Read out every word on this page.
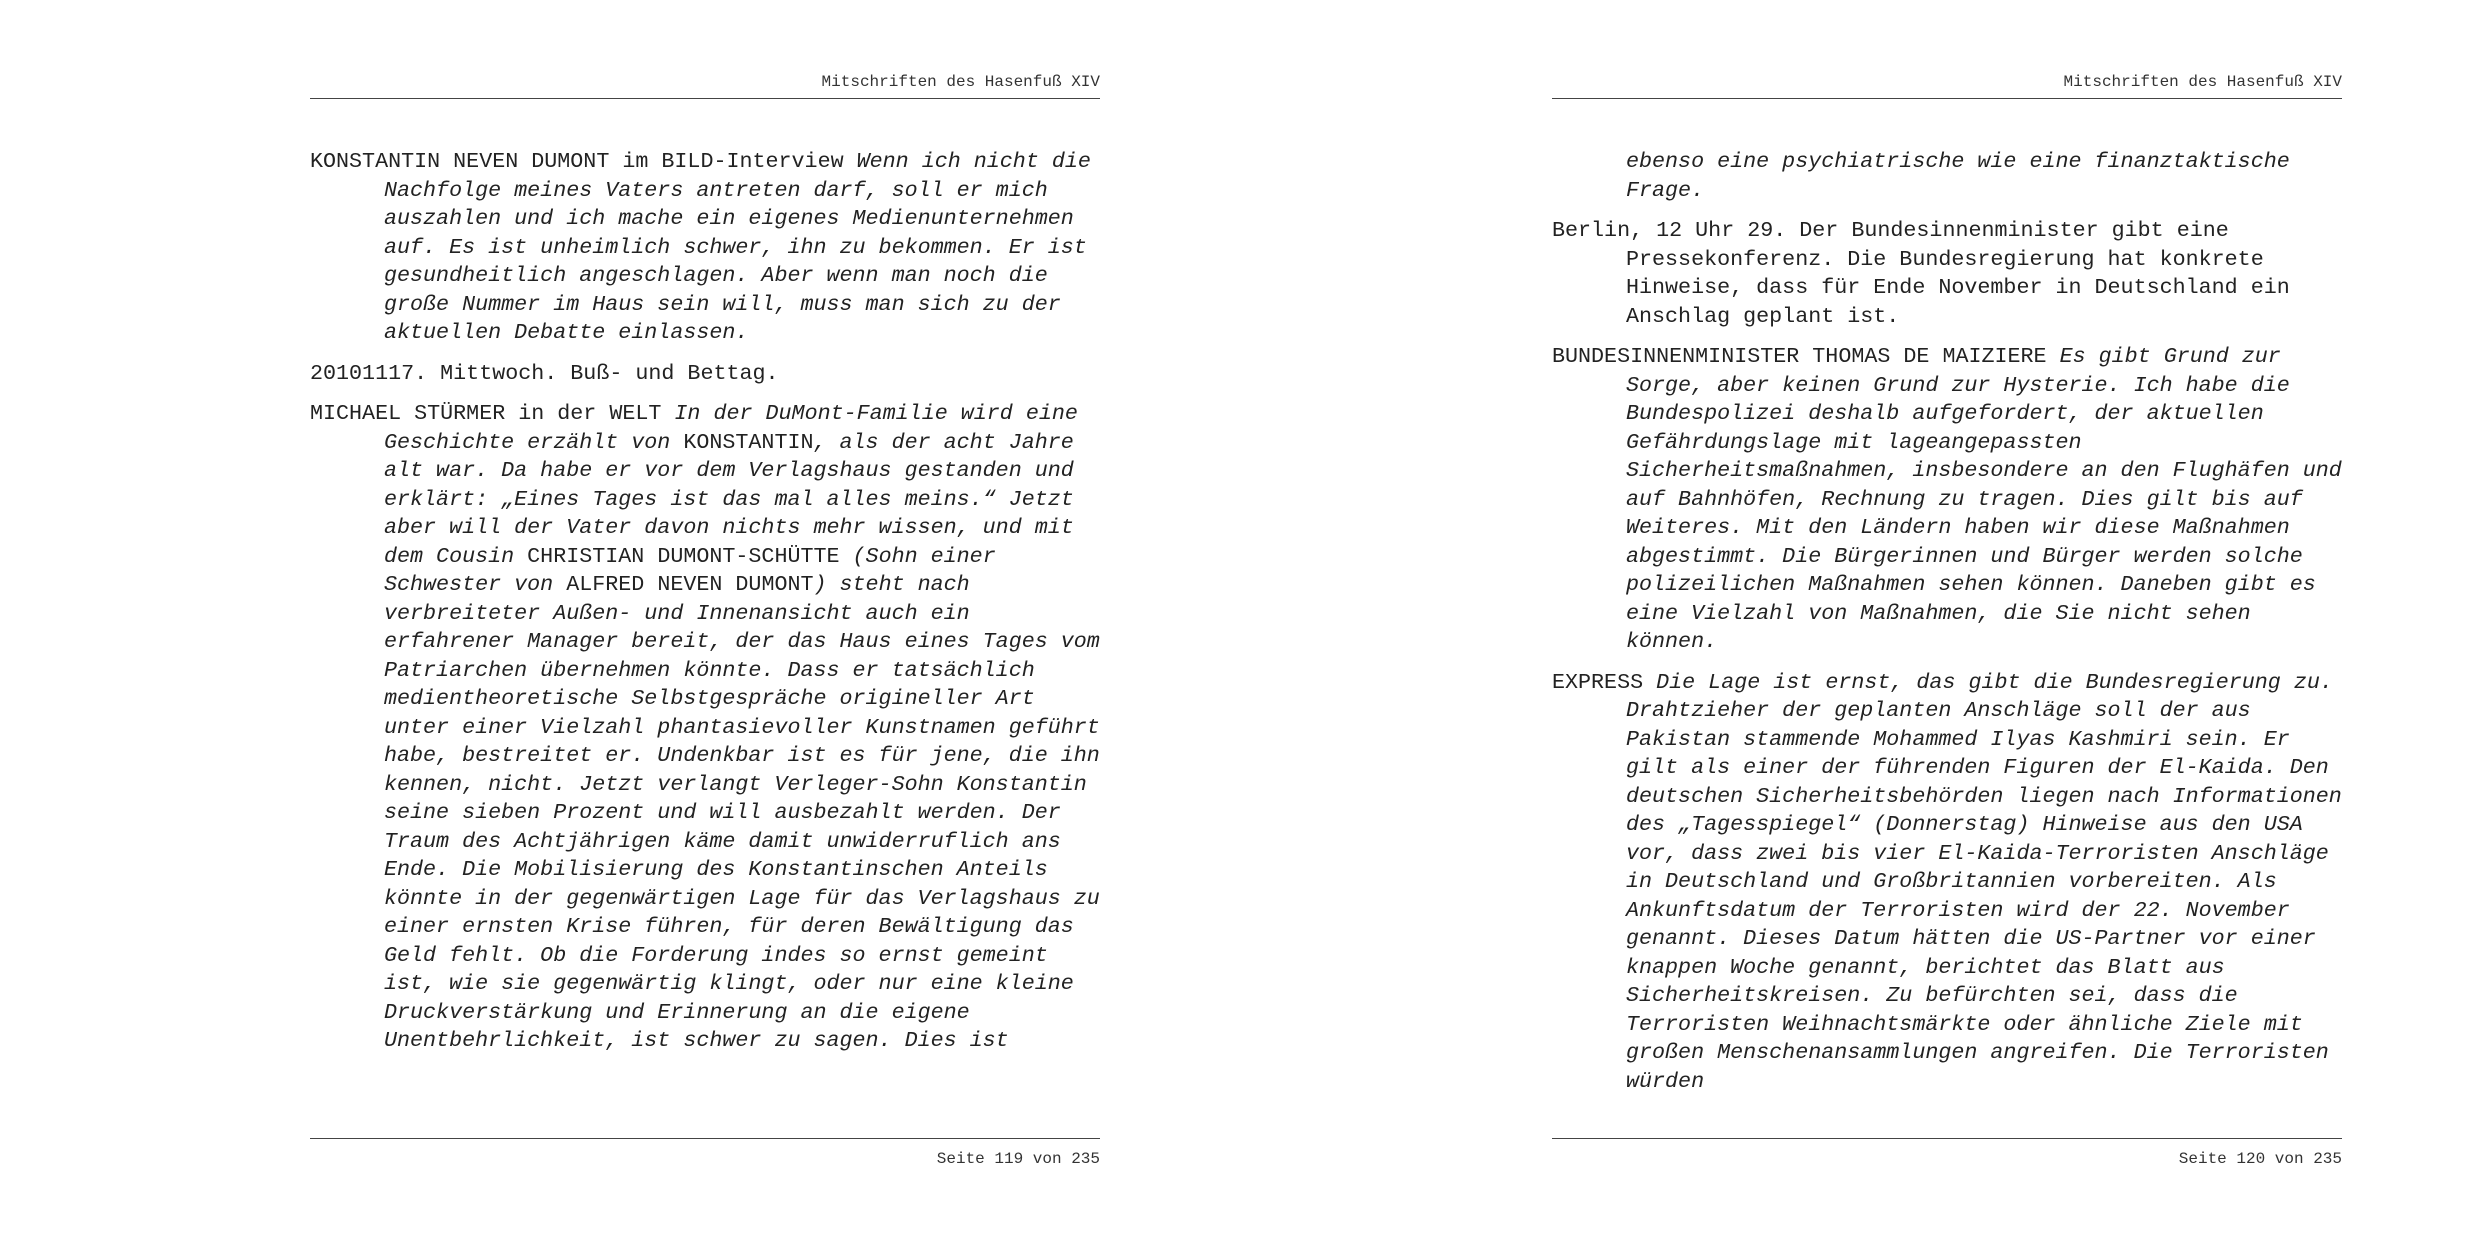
Mitschriften des Hasenfuß XIV

KONSTANTIN NEVEN DUMONT im BILD-Interview Wenn ich nicht die Nachfolge meines Vaters antreten darf, soll er mich auszahlen und ich mache ein eigenes Medienunternehmen auf. Es ist unheimlich schwer, ihn zu bekommen. Er ist gesundheitlich angeschlagen. Aber wenn man noch die große Nummer im Haus sein will, muss man sich zu der aktuellen Debatte einlassen.

20101117. Mittwoch. Buß- und Bettag.

MICHAEL STÜRMER in der WELT In der DuMont-Familie wird eine Geschichte erzählt von KONSTANTIN, als der acht Jahre alt war. Da habe er vor dem Verlagshaus gestanden und erklärt: „Eines Tages ist das mal alles meins.“ Jetzt aber will der Vater davon nichts mehr wissen, und mit dem Cousin CHRISTIAN DUMONT-SCHÜTTE (Sohn einer Schwester von ALFRED NEVEN DUMONT) steht nach verbreiteter Außen- und Innenansicht auch ein erfahrener Manager bereit, der das Haus eines Tages vom Patriarchen übernehmen könnte. Dass er tatsächlich medientheoretische Selbstgespräche origineller Art unter einer Vielzahl phantasievoller Kunstnamen geführt habe, bestreitet er. Undenkbar ist es für jene, die ihn kennen, nicht. Jetzt verlangt Verleger-Sohn Konstantin seine sieben Prozent und will ausbezahlt werden. Der Traum des Achtjährigen käme damit unwiderruflich ans Ende. Die Mobilisierung des Konstantinschen Anteils könnte in der gegenwärtigen Lage für das Verlagshaus zu einer ernsten Krise führen, für deren Bewältigung das Geld fehlt. Ob die Forderung indes so ernst gemeint ist, wie sie gegenwärtig klingt, oder nur eine kleine Druckverstärkung und Erinnerung an die eigene Unentbehrlichkeit, ist schwer zu sagen. Dies ist

Seite 119 von 235
Mitschriften des Hasenfuß XIV

ebenso eine psychiatrische wie eine finanztaktische Frage.

Berlin, 12 Uhr 29. Der Bundesinnenminister gibt eine Pressekonferenz. Die Bundesregierung hat konkrete Hinweise, dass für Ende November in Deutschland ein Anschlag geplant ist.

BUNDESINNENMINISTER THOMAS DE MAIZIERE Es gibt Grund zur Sorge, aber keinen Grund zur Hysterie. Ich habe die Bundespolizei deshalb aufgefordert, der aktuellen Gefährdungslage mit lageangepassten Sicherheitsmaßnahmen, insbesondere an den Flughäfen und auf Bahnhöfen, Rechnung zu tragen. Dies gilt bis auf Weiteres. Mit den Ländern haben wir diese Maßnahmen abgestimmt. Die Bürgerinnen und Bürger werden solche polizeilichen Maßnahmen sehen können. Daneben gibt es eine Vielzahl von Maßnahmen, die Sie nicht sehen können.

EXPRESS Die Lage ist ernst, das gibt die Bundesregierung zu. Drahtzieher der geplanten Anschläge soll der aus Pakistan stammende Mohammed Ilyas Kashmiri sein. Er gilt als einer der führenden Figuren der El-Kaida. Den deutschen Sicherheitsbehörden liegen nach Informationen des „Tagesspiegel“ (Donnerstag) Hinweise aus den USA vor, dass zwei bis vier El-Kaida-Terroristen Anschläge in Deutschland und Großbritannien vorbereiten. Als Ankunftsdatum der Terroristen wird der 22. November genannt. Dieses Datum hätten die US-Partner vor einer knappen Woche genannt, berichtet das Blatt aus Sicherheitskreisen. Zu befürchten sei, dass die Terroristen Weihnachtsmärkte oder ähnliche Ziele mit großen Menschenansammlungen angreifen. Die Terroristen würden

Seite 120 von 235
